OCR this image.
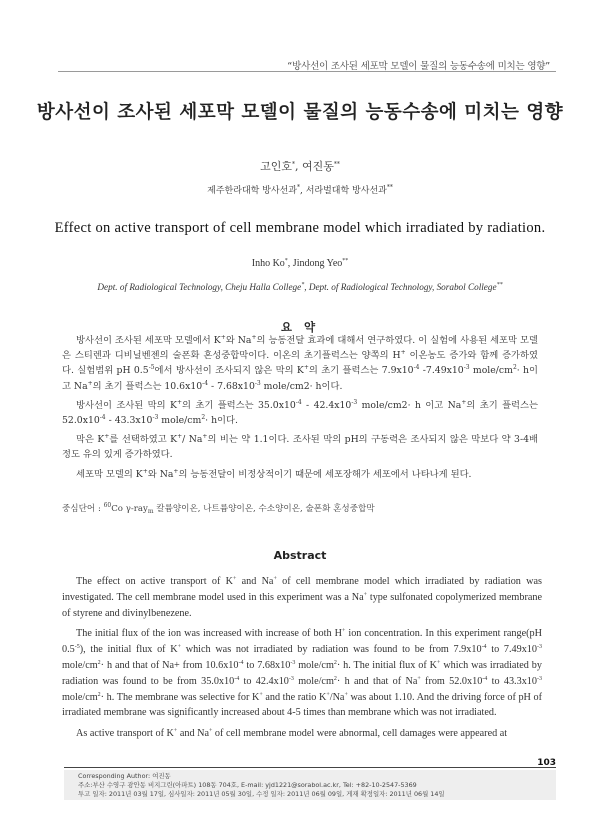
“방사선이 조사된 세포막 모델이 물질의 능동수송에 미치는 영향”
방사선이 조사된 세포막 모델이 물질의 능동수송에 미치는 영향
고인호*, 여진동**
제주한라대학 방사선과*, 서라벌대학 방사선과**
Effect on active transport of cell membrane model which irradiated by radiation.
Inho Ko*, Jindong Yeo**
Dept. of Radiological Technology, Cheju Halla College*, Dept. of Radiological Technology, Sorabol College**
요 약

방사선이 조사된 세포막 모델에서 K+와 Na+의 능동전달 효과에 대해서 연구하였다. 이 실험에 사용된 세포막 모델은 스티렌과 디비닐벤젠의 술폰화 혼성중합막이다. 이온의 초기플럭스는 양쪽의 H+ 이온농도 증가와 함께 증가하였다. 실험범위 pH $0.5^{-5}$에서 방사선이 조사되지 않은 막의 K+의 초기 플럭스는 $7.9x10^{-4}$ $-7.49x10^{-3}$ mole/$cm^2\cdot h$이고 Na+의 초기 플럭스는 $10.6x10^{-4} - 7.68x10^{-3}$ mole/cm2· h이다.

방사선이 조사된 막의 K+의 초기 플럭스는 $35.0x10^{-4} - 42.4x10^{-3}$ mole/cm2· h 이고 Na+의 초기 플럭스는 $52.0x10^{-4} - 43.3x10^{-3}$ mole/$cm^2\cdot h$이다.

막은 K+를 선택하였고 K+/ Na+의 비는 약 1.1이다. 조사된 막의 pH의 구동력은 조사되지 않은 막보다 약 3-4배 정도 유의 있게 증가하였다.

세포막 모델의 K+와 Na+의 능동전달이 비정상적이기 때문에 세포장해가 세포에서 나타나게 된다.

중심단어 : $^{60}$Co γ-ray$_m$ 칼륨양이온, 나트륨양이온, 수소양이온, 술폰화 혼성중합막
Abstract

The effect on active transport of K+ and Na+ of cell membrane model which irradiated by radiation was investigated. The cell membrane model used in this experiment was a Na+ type sulfonated copolymerized membrane of styrene and divinylbenezene.

The initial flux of the ion was increased with increase of both H+ ion concentration. In this experiment range(pH $0.5^{-5}$), the initial flux of K+ which was not irradiated by radiation was found to be from $7.9x10^{-4}$ to $7.49x10^{-3}$ mole/$cm^2\cdot h$ and that of Na+ from $10.6x10^{-4}$ to $7.68x10^{-3}$ mole/$cm^2\cdot h$. The initial flux of K+ which was irradiated by radiation was found to be from $35.0x10^{-4}$ to $42.4x10^{-3}$ mole/$cm^2\cdot h$ and that of Na+ from $52.0x10^{-4}$ to $43.3x10^{-3}$ mole/$cm^2\cdot h$. The membrane was selective for K+ and the ratio K+/Na+ was about 1.10. And the driving force of pH of irradiated membrane was significantly increased about 4-5 times than membrane which was not irradiated.

As active transport of K+ and Na+ of cell membrane model were abnormal, cell damages were appeared at

103
Corresponding Author: 여진동
주소:부산 수영구 광안동 비지그린(아파트) 108동 704호, E-mail: yjd1221@sorabol.ac.kr, Tel: +82-10-2547-5369
투고 일자: 2011년 03월 17일, 심사일자: 2011년 05월 30일, 수정 일자: 2011년 06월 09일, 게재 확정일자: 2011년 06월 14일
